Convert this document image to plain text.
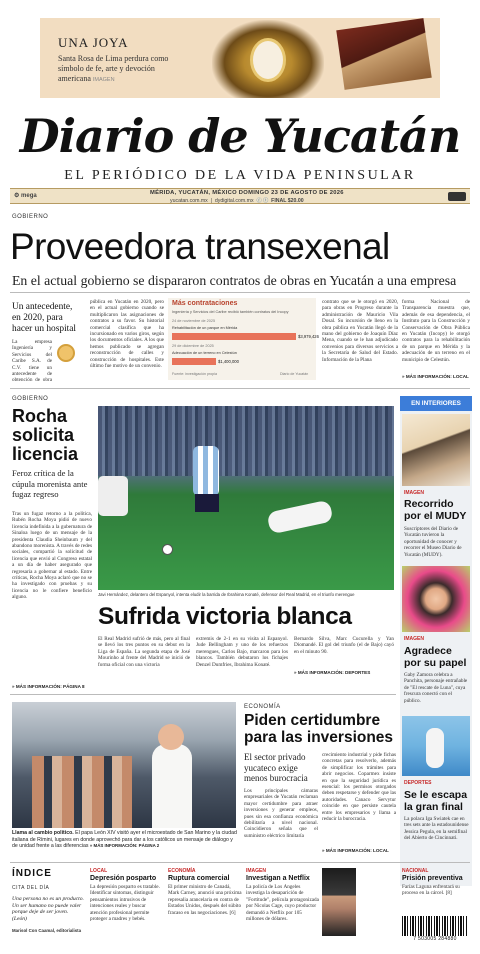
UNA JOYA
Santa Rosa de Lima perdura como símbolo de fe, arte y devoción americana IMAGEN
Diario de Yucatán
EL PERIÓDICO DE LA VIDA PENINSULAR
⚙ mega	MÉRIDA, YUCATÁN, MÉXICO DOMINGO 23 DE AGOSTO DE 2026
yucatan.com.mx  |  dydigital.com.mx ⓕ ⓣ FINAL $20.00
GOBIERNO
Proveedora transexenal
En el actual gobierno se dispararon contratos de obras en Yucatán a una empresa
Un antecedente, en 2020, para hacer un hospital
La empresa Ingeniería y Servicios del Caribe S.A. de C.V. tiene un antecedente de obtención de obra
pública en Yucatán en 2020, pero en el actual gobierno cuando se multiplicaron las asignaciones de contratos a su favor. Su historial comercial clasifica que ha incursionado en varios giros, según los documentos oficiales. A los que hemos publicado se agregan reconstrucción de calles y construcción de hospitales. Este último fue motivo de un convenio.
Más contrataciones
Ingeniería y Servicios del Caribe recibió también contratos del Incopy
24 de noviembre de 2025
Rehabilitación de un parque en Mérida
$3,979,426
29 de diciembre de 2025
Adecuación de un terreno en Celestún
$1,400,000
Fuente: investigación propia	Diario de Yucatán
contrato que se le otorgó en 2020, para obras en Progreso durante la administración de Mauricio Vila Dosal. Su incursión de lleno en la obra pública en Yucatán llegó de la mano del gobierno de Joaquín Díaz Mena, cuando se le han adjudicado convenios para diversos servicios a la Secretaría de Salud del Estado. Información de la Plana
forma Nacional de Transparencia muestra que, además de esa dependencia, el Instituto para la Construcción y Conservación de Obra Pública en Yucatán (Incopy) le otorgó contratos para la rehabilitación de un parque en Mérida y la adecuación de un terreno en el municipio de Celestún.
» MÁS INFORMACIÓN: LOCAL
GOBIERNO
Rocha solicita licencia
Feroz crítica de la cúpula morenista ante fugaz regreso
Tras un fugaz retorno a la política, Rubén Rocha Moya pidió de nuevo licencia indefinida a la gubernatura de Sinaloa luego de un mensaje de la presidenta Claudia Sheinbaum y del abandono morenista. A través de redes sociales, compartió la solicitud de licencia que envió al Congreso estatal a un día de haber asegurado que regresaría a gobernar al estado. Entre críticas, Rocha Moya aclaró que no se ha investigado con pruebas y su licencia no le confiere beneficio alguno.
» MÁS INFORMACIÓN: PÁGINA 8
Javi Hernández, delantero del Espanyol, intenta eludir la barrida de Ibrahima Konaté, defensor del Real Madrid, en el triunfo merengue
Sufrida victoria blanca
El Real Madrid sufrió de más, pero al final se llevó los tres puntos en su debut en la Liga de España. La segunda etapa de José Mourinho al frente del Madrid se inició de forma oficial con una victoria
extremis de 2-1 en su visita al Espanyol. Jude Bellingham y uno de los refuerzos merengues, Carlos Bajo, marcaron para los blancos. También debutaron los fichajes Denzel Dumfries, Ibrahima Konaté.
Bernardo Silva, Marc Cucurella y Yan Diomandé. El gol del triunfo (el de Bajo) cayó en el minuto 90.
» MÁS INFORMACIÓN: DEPORTES
EN INTERIORES
IMAGEN
Recorrido por el MUDY
Suscriptores del Diario de Yucatán tuvieron la oportunidad de conocer y recorrer el Museo Diario de Yucatán (MUDY).
IMAGEN
Agradece por su papel
Gaby Zamora celebra a Panchita, personaje entrañable de "El rescate de Luna", cuya frescura conectó con el público.
DEPORTES
Se le escapa la gran final
La polaca Iga Swiatek cae en tres sets ante la estadounidense Jessica Pegula, en la semifinal del Abierto de Cincinnati.
Llama al cambio político. El papa León XIV visitó ayer el microestado de San Marino y la ciudad italiana de Rímini, lugares en donde aprovechó para dar a los católicos un mensaje de diálogo y de unidad frente a las diferencias » MÁS INFORMACIÓN: PÁGINA 2
ECONOMÍA
Piden certidumbre para las inversiones
El sector privado yucateco exige menos burocracia
Los principales cámaras empresariales de Yucatán reclaman mayor certidumbre para atraer inversiones y generar empleos, pues sin esa confianza económica debilitaría a nivel nacional. Coincidieron señala que el suministro eléctrico limitaría
crecimiento industrial y pide fichas concretas para resolverlo, además de simplificar los trámites para abrir negocios. Coparmex insiste en que la seguridad jurídica es esencial: los permisos otorgados deben respetarse y defender que las autoridades. Canaco Servytur coincide en que persiste cautela entre los empresarios y llama a reducir la burocracia.
» MÁS INFORMACIÓN: LOCAL
ÍNDICE
CITA DEL DÍA
Una persona no es un producto. Un ser humano no puede valer porque deje de ser joven. (León)
Marisol Con Caamal, editorialista
LOCAL
Depresión posparto
La depresión posparto es tratable. Identificar síntomas, distinguir pensamientos intrusivos de intenciones reales y buscar atención profesional permite proteger a madres y bebés.
ECONOMÍA
Ruptura comercial
El primer ministro de Canadá, Mark Carney, anunció una próxima represalia arancelaria en contra de Estados Unidos, después del súbito fracaso en las negociaciones. [6]
IMAGEN
Investigan a Netflix
La policía de Los Ángeles investiga la desaparición de "Fortitude", película protagonizada por Nicolas Cage, cuyo productor demandó a Netflix por 105 millones de dólares.
NACIONAL
Prisión preventiva
Farías Laguna enfrentará su proceso en la cárcel. [8]
7 503005 284880
